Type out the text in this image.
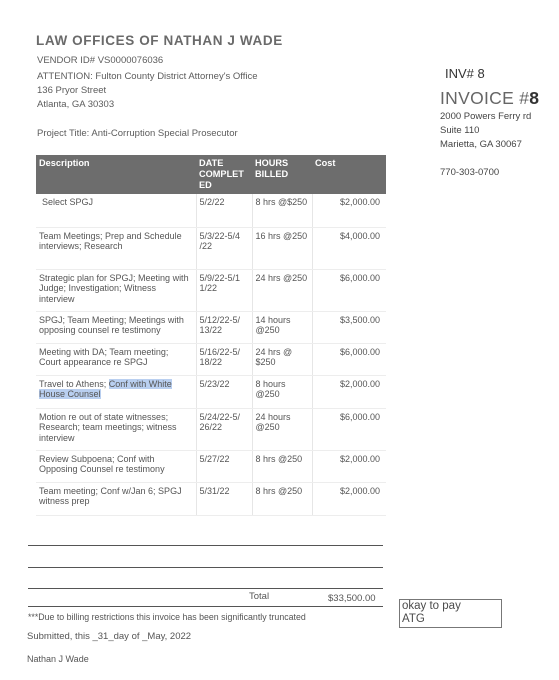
LAW OFFICES OF NATHAN J WADE
VENDOR ID# VS0000076036
ATTENTION: Fulton County District Attorney's Office
136 Pryor Street
Atlanta, GA 30303
Project Title: Anti-Corruption Special Prosecutor
INV# 8
INVOICE #8
2000 Powers Ferry rd
Suite 110
Marietta, GA 30067
770-303-0700
Description	DATE COMPLET ED	HOURS BILLED	Cost
Select SPGJ	5/2/22	8 hrs @$250	$2,000.00
Team Meetings; Prep and Schedule interviews; Research	5/3/22-5/4 /22	16 hrs @250	$4,000.00
Strategic plan for SPGJ; Meeting with Judge; Investigation; Witness interview	5/9/22-5/1 1/22	24 hrs @250	$6,000.00
SPGJ; Team Meeting; Meetings with opposing counsel re testimony	5/12/22-5/ 13/22	14 hours @250	$3,500.00
Meeting with DA; Team meeting; Court appearance re SPGJ	5/16/22-5/ 18/22	24 hrs @ $250	$6,000.00
Travel to Athens; Conf with White House Counsel	5/23/22	8 hours @250	$2,000.00
Motion re out of state witnesses; Research; team meetings; witness interview	5/24/22-5/ 26/22	24 hours @250	$6,000.00
Review Subpoena; Conf with Opposing Counsel re testimony	5/27/22	8 hrs @250	$2,000.00
Team meeting; Conf w/Jan 6; SPGJ witness prep	5/31/22	8 hrs @250	$2,000.00
Total	$33,500.00
okay to pay
ATG
***Due to billing restrictions this invoice has been significantly truncated
Submitted, this _31_day of _May, 2022
Nathan J Wade
